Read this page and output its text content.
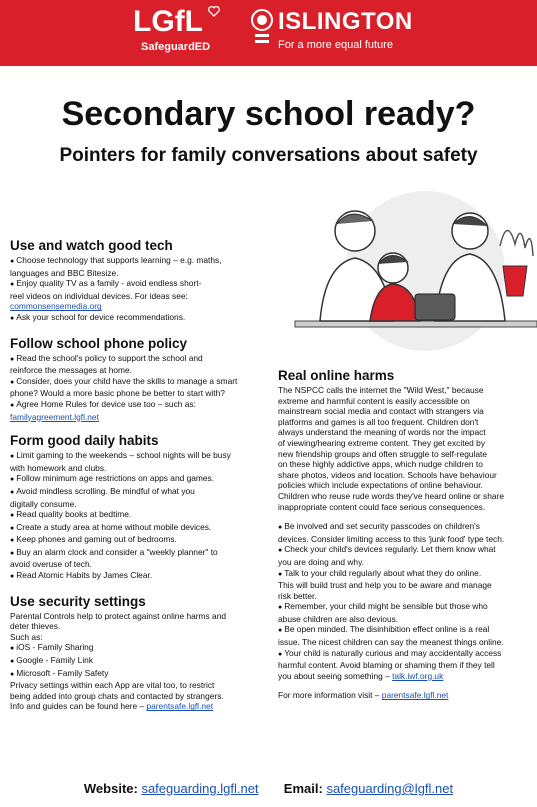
LGfL
SafeguardED
ISLINGTON
For a more equal future
Secondary school ready?
Pointers for family conversations about safety
Use and watch good tech

● Choose technology that supports learning – e.g. maths,

languages and BBC Bitesize.

● Enjoy quality TV as a family - avoid endless short-

reel videos on individual devices. For ideas see:

commonsensemedia.org

● Ask your school for device recommendations.

Follow school phone policy

● Read the school's policy to support the school and

reinforce the messages at home.

● Consider, does your child have the skills to manage a smart

phone? Would a more basic phone be better to start with?

● Agree Home Rules for device use too – such as:

familyagreement.lgfl.net

Form good daily habits

● Limit gaming to the weekends – school nights will be busy

with homework and clubs.

● Follow minimum age restrictions on apps and games.

● Avoid mindless scrolling. Be mindful of what you

digitally consume.

● Read quality books at bedtime.

● Create a study area at home without mobile devices.

● Keep phones and gaming out of bedrooms.

● Buy an alarm clock and consider a "weekly planner" to

avoid overuse of tech.

● Read Atomic Habits by James Clear.

Use security settings

Parental Controls help to protect against online harms and

deter thieves.

Such as:

● iOS - Family Sharing

● Google - Family Link

● Microsoft - Family Safety

Privacy settings within each App are vital too, to restrict

being added into group chats and contacted by strangers.

Info and guides can be found here – parentsafe.lgfl.net

Real online harms

The NSPCC calls the internet the "Wild West," because

extreme and harmful content is easily accessible on

mainstream social media and contact with strangers via

platforms and games is all too frequent. Children don't

always understand the meaning of words nor the impact

of viewing/hearing extreme content. They get excited by

new friendship groups and often struggle to self-regulate

on these highly addictive apps, which nudge children to

share photos, videos and location. Schools have behaviour

policies which include expectations of online behaviour.

Children who reuse rude words they've heard online or share

inappropriate content could face serious consequences.

● Be involved and set security passcodes on children's

devices. Consider limiting access to this 'junk food' type tech.

● Check your child's devices regularly. Let them know what

you are doing and why.

● Talk to your child regularly about what they do online.

This will build trust and help you to be aware and manage

risk better.

● Remember, your child might be sensible but those who

abuse children are also devious.

● Be open minded. The disinhibition effect online is a real

issue. The nicest children can say the meanest things online.

● Your child is naturally curious and may accidentally access

harmful content. Avoid blaming or shaming them if they tell

you about seeing something – talk.iwf.org.uk

For more information visit – parentsafe.lgfl.net

Website: safeguarding.lgfl.net Email: safeguarding@lgfl.net
